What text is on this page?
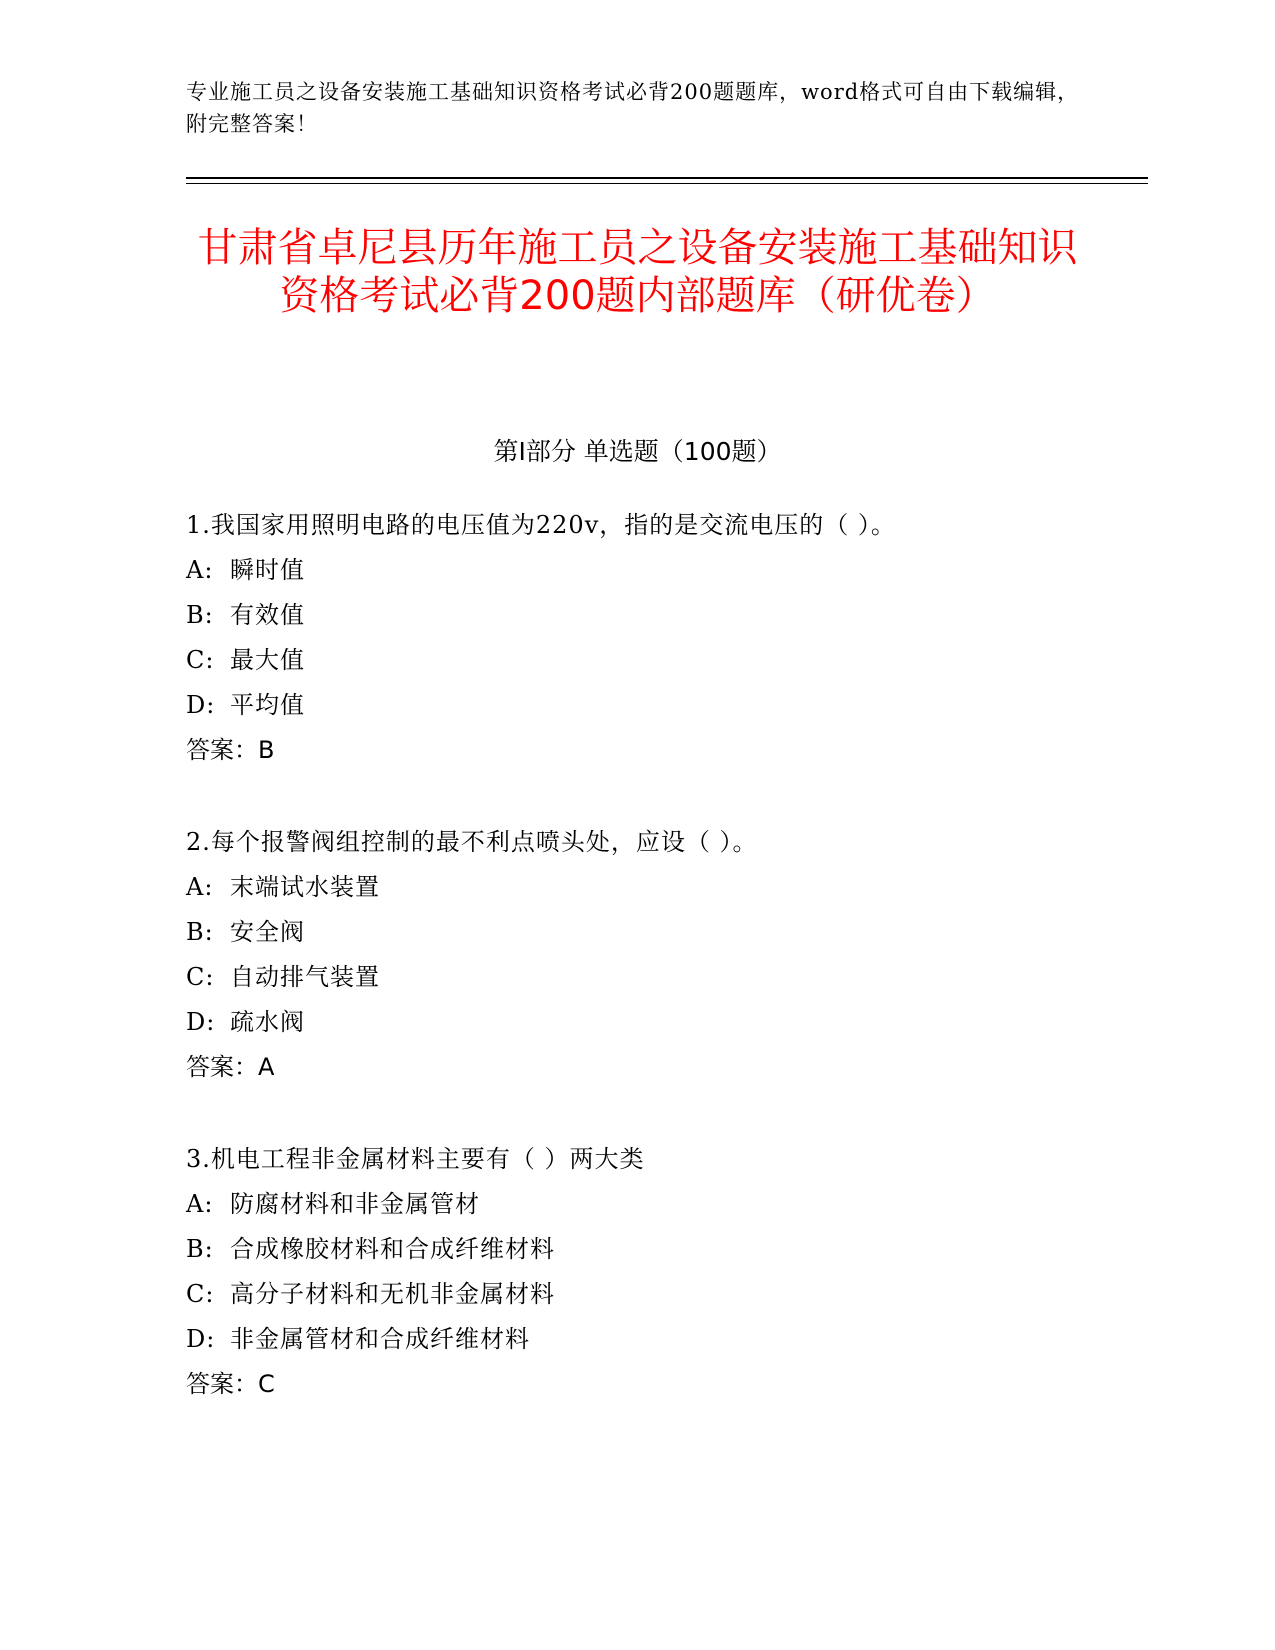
专业施工员之设备安装施工基础知识资格考试必背200题题库，word格式可自由下载编辑，附完整答案！
甘肃省卓尼县历年施工员之设备安装施工基础知识资格考试必背200题内部题库（研优卷）
第Ⅰ部分 单选题（100题）
1.我国家用照明电路的电压值为220v，指的是交流电压的（ ）。
A: 瞬时值
B: 有效值
C: 最大值
D: 平均值
答案：B
2.每个报警阀组控制的最不利点喷头处，应设（ ）。
A: 末端试水装置
B: 安全阀
C: 自动排气装置
D: 疏水阀
答案：A
3.机电工程非金属材料主要有（ ）两大类
A: 防腐材料和非金属管材
B: 合成橡胶材料和合成纤维材料
C: 高分子材料和无机非金属材料
D: 非金属管材和合成纤维材料
答案：C
